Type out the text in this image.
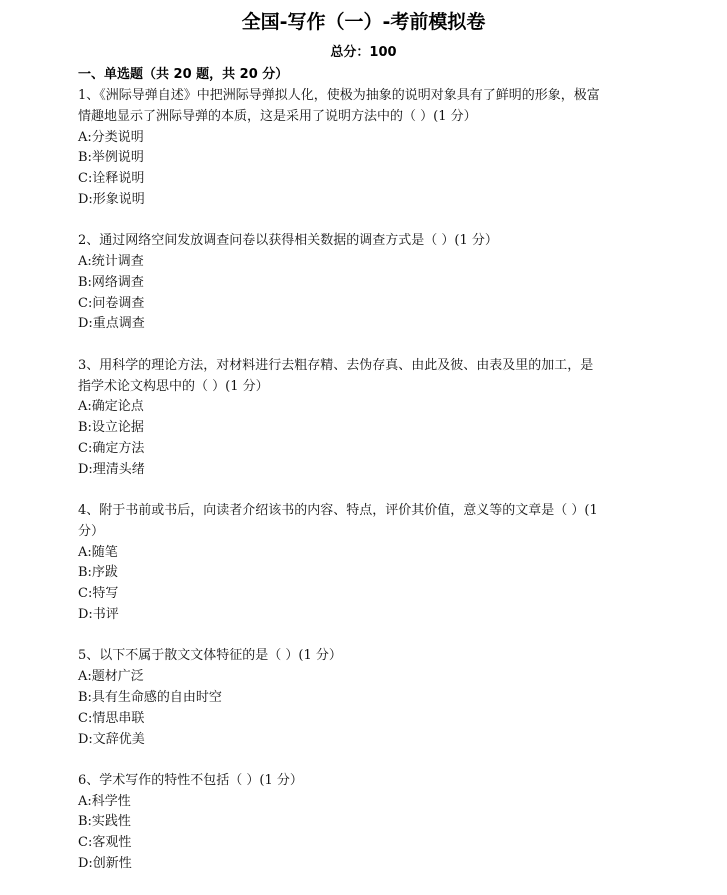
全国-写作（一）-考前模拟卷
总分：100
一、单选题（共 20 题，共 20 分）
1、《洲际导弹自述》中把洲际导弹拟人化，使极为抽象的说明对象具有了鲜明的形象，极富
情趣地显示了洲际导弹的本质，这是采用了说明方法中的（ ）(1 分）
A:分类说明
B:举例说明
C:诠释说明
D:形象说明
2、通过网络空间发放调查问卷以获得相关数据的调查方式是（ ）(1 分）
A:统计调查
B:网络调查
C:问卷调查
D:重点调查
3、用科学的理论方法，对材料进行去粗存精、去伪存真、由此及彼、由表及里的加工，是
指学术论文构思中的（ ）(1 分）
A:确定论点
B:设立论据
C:确定方法
D:理清头绪
4、附于书前或书后，向读者介绍该书的内容、特点，评价其价值，意义等的文章是（ ）(1
分）
A:随笔
B:序跋
C:特写
D:书评
5、以下不属于散文文体特征的是（ ）(1 分）
A:题材广泛
B:具有生命感的自由时空
C:情思串联
D:文辞优美
6、学术写作的特性不包括（ ）(1 分）
A:科学性
B:实践性
C:客观性
D:创新性
